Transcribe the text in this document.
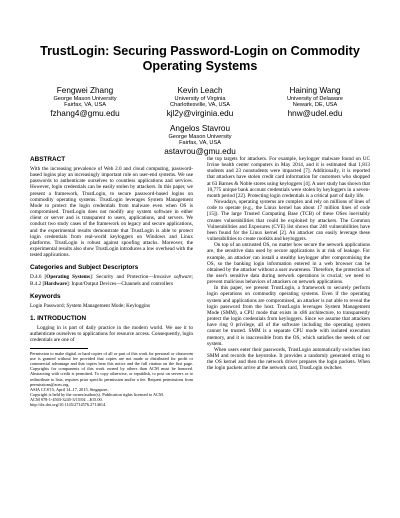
TrustLogin: Securing Password-Login on Commodity Operating Systems
Fengwei Zhang
George Mason University
Fairfax, VA, USA
fzhang4@gmu.edu
Kevin Leach
University of Virginia
Charlottesville, VA, USA
kjl2y@virginia.edu
Haining Wang
University of Delaware
Newark, DE, USA
hnw@udel.edu
Angelos Stavrou
George Mason University
Fairfax, VA, USA
astavrou@gmu.edu
ABSTRACT

With the increasing prevalence of Web 2.0 and cloud computing, password-based logins play an increasingly important role on user-end systems. We use passwords to authenticate ourselves to countless applications and services. However, login credentials can be easily stolen by attackers. In this paper, we present a framework, TrustLogin, to secure password-based logins on commodity operating systems. TrustLogin leverages System Management Mode to protect the login credentials from malware even when OS is compromised. TrustLogin does not modify any system software in either client or server and is transparent to users, applications, and servers. We conduct two study cases of the framework on legacy and secure applications, and the experimental results demonstrate that TrustLogin is able to protect login credentials from real-world keyloggers on Windows and Linux platforms. TrustLogin is robust against spoofing attacks. Moreover, the experimental results also show TrustLogin introduces a low overhead with the tested applications.

Categories and Subject Descriptors

D.4.6 [Operating Systems]: Security and Protection—Invasive software; B.4.2 [Hardware]: Input/Output Devices—Channels and controllers

Keywords

Login Password; System Management Mode; Keyloggins

1. INTRODUCTION

Logging in is part of daily practice in the modern world. We use it to authenticate ourselves to applications for resource access. Consequently, login credentials are one of

Permission to make digital or hard copies of all or part of this work for personal or classroom use is granted without fee provided that copies are not made or distributed for profit or commercial advantage and that copies bear this notice and the full citation on the first page. Copyrights for components of this work owned by others than ACM must be honored. Abstracting with credit is permitted. To copy otherwise, or republish, to post on servers or to redistribute to lists, requires prior specific permission and/or a fee. Request permissions from permissions@acm.org.
ASIA CCS'15, April 14–17, 2015, Singapore..
Copyright is held by the owner/author(s). Publication rights licensed to ACM.
ACM 978-1-4503-3245-3/15/04 ...$15.00.
http://dx.doi.org/10.1145/2714576.2714614.

the top targets for attackers. For example, keylogger malware found on UC Irvine health center computers in May 2014, and it is estimated that 1,813 students and 23 nonstudents were impacted [7]. Additionally, it is reported that attackers have stolen credit card information for customers who shopped at 63 Barnes & Noble stores using keyloggers [4]. A user study has shown that 10,775 unique bank account credentials were stolen by keyloggers in a seven-month period [22]. Protecting login credentials is a critical part of daily life.

Nowadays, operating systems are complex and rely on millions of lines of code to operate (e.g., the Linux kernel has about 17 million lines of code [15]). The large Trusted Computing Base (TCB) of these OSes inevitably creates vulnerabilities that could be exploited by attackers. The Common Vulnerabilities and Exposures (CVE) list shows that 240 vulnerabilities have been found for the Linux kernel [2]. An attacker can easily leverage these vulnerabilities to create rootkits and keyloggers.

On top of an untrusted OS, no matter how secure the network applications are, the sensitive data used by secure applications is at risk of leakage. For example, an attacker can install a stealthy keylogger after compromising the OS, so the banking login information entered in a web browser can be obtained by the attacker without a user awareness. Therefore, the protection of the user's sensitive data during network operations is crucial; we need to prevent malicious behaviors of attackers on network applications.

In this paper, we present TrustLogin, a framework to securely perform login operations on commodity operating systems. Even if the operating system and applications are compromised, an attacker is not able to reveal the login password from the host. TrustLogin leverages System Management Mode (SMM), a CPU mode that exists in x86 architecture, to transparently protect the login credentials from keyloggers. Since we assume that attackers have ring 0 privilege, all of the software including the operating system cannot be trusted. SMM is a separate CPU mode with isolated execution memory, and it is inaccessible from the OS, which satisfies the needs of our system.

When users enter their passwords, TrustLogin automatically switches into SMM and records the keystroke. It provides a randomly generated string to the OS kernel and then the network driver prepares the login packets. When the login packets arrive at the network card, TrustLogin switches
